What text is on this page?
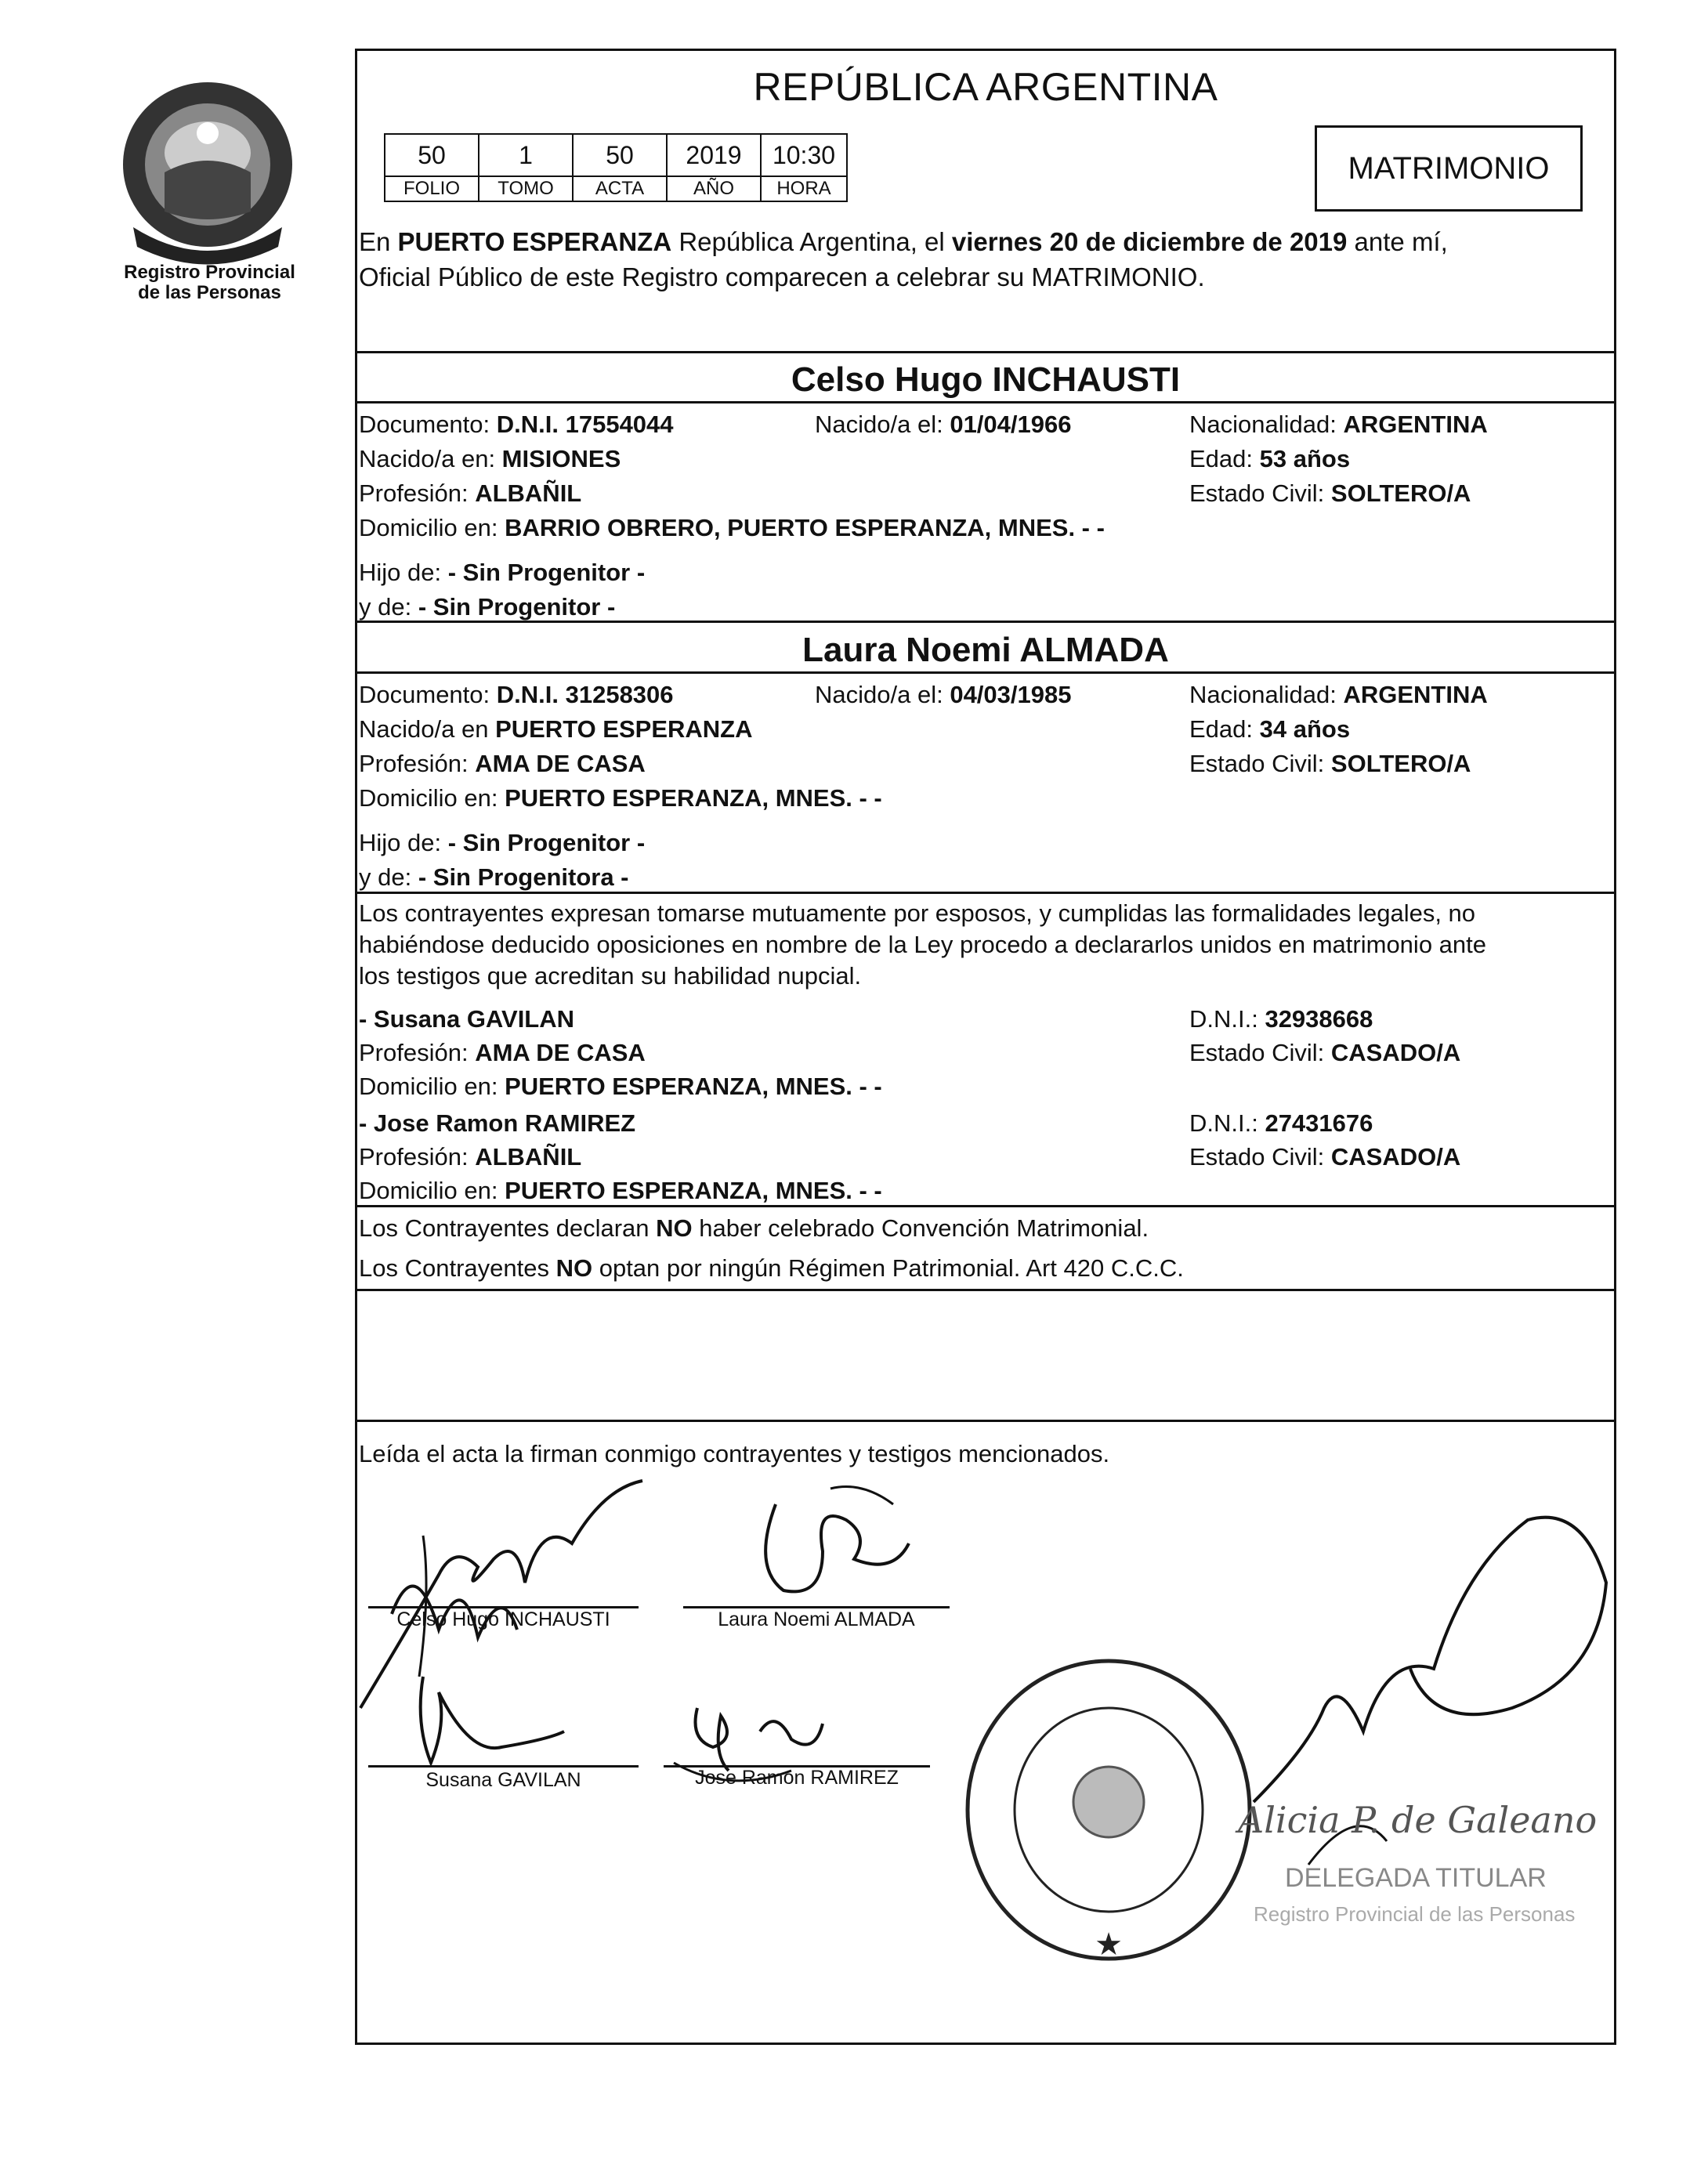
Registro Provincial
de las Personas
REPÚBLICA ARGENTINA
50	1	50	2019	10:30
FOLIO	TOMO	ACTA	AÑO	HORA
MATRIMONIO
En PUERTO ESPERANZA República Argentina, el viernes 20 de diciembre de 2019 ante mí,
Oficial Público de este Registro comparecen a celebrar su MATRIMONIO.
Celso Hugo INCHAUSTI
Documento: D.N.I. 17554044	Nacido/a el: 01/04/1966	Nacionalidad: ARGENTINA
Nacido/a en: MISIONES	Edad: 53 años
Profesión: ALBAÑIL	Estado Civil: SOLTERO/A
Domicilio en: BARRIO OBRERO, PUERTO ESPERANZA, MNES. - -
Hijo de: - Sin Progenitor -
y de: - Sin Progenitor -
Laura Noemi ALMADA
Documento: D.N.I. 31258306	Nacido/a el: 04/03/1985	Nacionalidad: ARGENTINA
Nacido/a en PUERTO ESPERANZA	Edad: 34 años
Profesión: AMA DE CASA	Estado Civil: SOLTERO/A
Domicilio en: PUERTO ESPERANZA, MNES. - -
Hijo de: - Sin Progenitor -
y de: - Sin Progenitora -
Los contrayentes expresan tomarse mutuamente por esposos, y cumplidas las formalidades legales, no
habiéndose deducido oposiciones en nombre de la Ley procedo a declararlos unidos en matrimonio ante
los testigos que acreditan su habilidad nupcial.
- Susana GAVILAN	D.N.I.: 32938668
Profesión: AMA DE CASA	Estado Civil: CASADO/A
Domicilio en: PUERTO ESPERANZA, MNES. - -
- Jose Ramon RAMIREZ	D.N.I.: 27431676
Profesión: ALBAÑIL	Estado Civil: CASADO/A
Domicilio en: PUERTO ESPERANZA, MNES. - -
Los Contrayentes declaran NO haber celebrado Convención Matrimonial.
Los Contrayentes NO optan por ningún Régimen Patrimonial. Art 420 C.C.C.
Leída el acta la firman conmigo contrayentes y testigos mencionados.
Celso Hugo INCHAUSTI	Laura Noemi ALMADA
Susana GAVILAN	Jose Ramon RAMIREZ
★
Alicia P. de Galeano
DELEGADA TITULAR
Registro Provincial de las Personas
